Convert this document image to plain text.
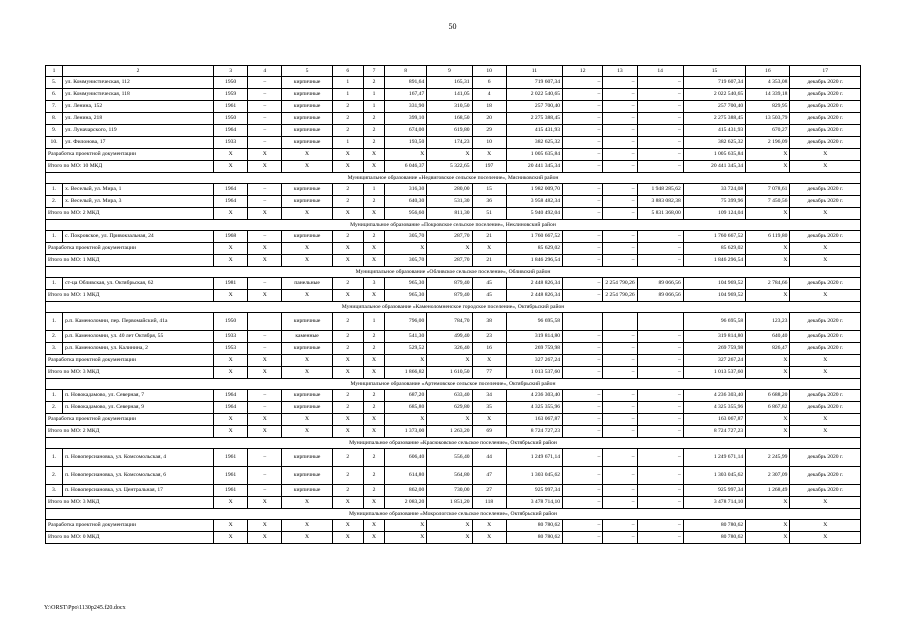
50
1	2	3	4	5	6	7	8	9	10	11	12	13	14	15	16	17
5.	ул. Коммунистическая, 112	1950	–	кирпичные	1	2	891,64	165,31	6	719 607,34	–	–	–	719 607,34	4 353,08	декабрь 2020 г.
6.	ул. Коммунистическая, 118	1959	–	кирпичные	1	1	167,47	141,05	4	2 022 540,65	–	–	–	2 022 540,65	14 339,18	декабрь 2020 г.
7.	ул. Ленина, 152	1961	–	кирпичные	2	1	331,90	310,50	18	257 700,40	–	–	–	257 700,40	829,95	декабрь 2020 г.
8.	ул. Ленина, 218	1950	–	кирпичные	2	2	399,10	168,50	20	2 275 388,45	–	–	–	2 275 388,45	13 503,79	декабрь 2020 г.
9.	ул. Луначарского, 119	1964	–	кирпичные	2	2	674,00	619,80	29	415 431,93	–	–	–	415 431,93	670,27	декабрь 2020 г.
10.	ул. Филонова, 17	1933	–	кирпичные	1	2	193,50	174,23	10	382 625,32	–	–	–	382 625,32	2 196,09	декабрь 2020 г.
Разработка проектной документации		X	X	X	X	X	X	X	X	1 005 635,84	–	–	–	1 005 635,84	X	X
Итого по МО: 10 МКД		X	X	X	X	X	6 046,37	5 322,65	197	20 441 345,34	–	–	–	20 441 345,34	X	X
Муниципальное образование «Недвиговское сельское поселение», Мясниковский район																
1.	х. Веселый, ул. Мира, 1	1964	–	кирпичные	2	1	316,30	280,00	15	1 982 009,70	–	–	1 948 285,62	33 724,08	7 078,61	декабрь 2020 г.
2.	х. Веселый, ул. Мира, 3	1964	–	кирпичные	2	2	640,30	531,30	36	3 958 482,34	–	–	3 883 082,38	75 399,96	7 450,56	декабрь 2020 г.
Итого по МО: 2 МКД		X	X	X	X	X	956,60	811,30	51	5 940 492,04	–	–	5 831 368,00	109 124,04	X	X
Муниципальное образование «Покровское сельское поселение», Неклиновский район																
1.	с. Покровское, ул. Привокзальная, 24	1968	–	кирпичные	2	2	305,70	287,70	21	1 760 667,52	–	–	–	1 760 667,52	6 119,80	декабрь 2020 г.
Разработка проектной документации		X	X	X	X	X	X	X	X	85 629,02	–	–	–	85 629,02	X	X
Итого по МО: 1 МКД		X	X	X	X	X	305,70	287,70	21	1 846 296,54	–	–	–	1 846 296,54	X	X
Муниципальное образование «Обливское сельское поселение», Обливский район																
1.	ст-ца Обливская, ул. Октябрьская, 62	1981	–	панельные	2	3	965,30	879,40	45	2 448 826,34	–	2 254 790,26	89 066,56	104 969,52	2 784,66	декабрь 2020 г.
Итого по МО: 1 МКД		X	X	X	X	X	965,30	879,40	45	2 448 826,34	–	2 254 790,26	89 066,56	104 969,52	X	X
Муниципальное образование «Каменоломненское городское поселение», Октябрьский район																
1.	р.п. Каменоломни, пер. Первомайский, 41а	1950		кирпичные	2	1	796,00	784,70	38	96 695,58				96 695,58	123,23	декабрь 2020 г.
2.	р.п. Каменоломни, ул. 40 лет Октября, 55	1933	–	каменные	2	2	541,30	499,40	23	319 814,80	–	–	–	319 814,80	640,40	декабрь 2020 г.
3.	р.п. Каменоломни, ул. Калинина, 2	1953	–	кирпичные	2	2	529,52	326,40	16	269 759,98	–	–	–	269 759,98	826,47	декабрь 2020 г.
Разработка проектной документации		X	X	X	X	X	X	X	X	327 267,24	–	–	–	327 267,24	X	X
Итого по МО: 3 МКД		X	X	X	X	X	1 866,82	1 610,50	77	1 013 537,60	–	–	–	1 013 537,60	X	X
Муниципальное образование «Артемовское сельское поселение», Октябрьский район																
1.	п. Новокадамово, ул. Северная, 7	1964	–	кирпичные	2	2	687,20	633,40	34	4 236 303,40	–	–	–	4 236 303,40	6 688,20	декабрь 2020 г.
2.	п. Новокадамово, ул. Северная, 9	1964	–	кирпичные	2	2	685,80	629,80	35	4 325 355,96	–	–	–	4 325 355,96	6 867,82	декабрь 2020 г.
Разработка проектной документации		X	X	X	X	X	X	X	X	163 067,87	–	–	–	163 067,87	X	X
Итого по МО: 2 МКД		X	X	X	X	X	1 373,00	1 263,20	69	8 724 727,23	–	–	–	8 724 727,23	X	X
Муниципальное образование «Красюковское сельское поселение», Октябрьский район																
1.	п. Новоперсиановка, ул. Комсомольская, 4	1961	–	кирпичные	2	2	606,40	556,40	44	1 249 671,14	–	–	–	1 249 671,14	2 245,99	декабрь 2020 г.
2.	п. Новоперсиановка, ул. Комсомольская, 6	1961	–	кирпичные	2	2	614,80	564,80	47	1 303 045,62	–	–	–	1 303 045,62	2 307,09	декабрь 2020 г.
3.	п. Новоперсиановка, ул. Центральная, 17	1961	–	кирпичные	2	2	862,00	730,00	27	925 997,34	–	–	–	925 997,34	1 268,49	декабрь 2020 г.
Итого по МО: 3 МКД		X	X	X	X	X	2 083,20	1 851,20	118	3 478 714,10	–	–	–	3 478 714,10	X	X
Муниципальное образование «Мокрологское сельское поселение», Октябрьский район																
Разработка проектной документации		X	X	X	X	X	X	X	X	80 780,62	–	–	–	80 780,62	X	X
Итого по МО: 0 МКД		X	X	X	X	X	X	X	X	80 780,62	–	–	–	80 780,62	X	X
Y:\ORST\Ppo\1130p245.f20.docx
